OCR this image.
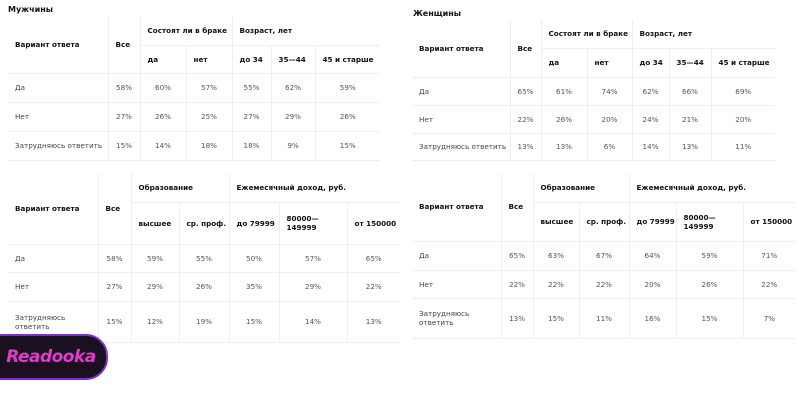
Мужчины	Женщины
Вариант ответа	Все	Состоят ли в браке		Возраст, лет		
		да	нет	до 34	35—44	45 и старше
Да	58%	60%	57%	55%	62%	59%
Нет	27%	26%	25%	27%	29%	26%
Затрудняюсь ответить	15%	14%	18%	18%	9%	15%
Вариант ответа	Все	Образование		Ежемесячный доход, руб.		
		высшее	ср. проф.	до 79999	80000— 149999	от 150000
Да	58%	59%	55%	50%	57%	65%
Нет	27%	29%	26%	35%	29%	22%
Затрудняюсь ответить	15%	12%	19%	15%	14%	13%
Вариант ответа	Все	Состоят ли в браке		Возраст, лет		
		да	нет	до 34	35—44	45 и старше
Да	65%	61%	74%	62%	66%	69%
Нет	22%	26%	20%	24%	21%	20%
Затрудняюсь ответить	13%	13%	6%	14%	13%	11%
Вариант ответа	Все	Образование		Ежемесячный доход, руб.		
		высшее	ср. проф.	до 79999	80000— 149999	от 150000
Да	65%	63%	67%	64%	59%	71%
Нет	22%	22%	22%	20%	26%	22%
Затрудняюсь ответить	13%	15%	11%	16%	15%	7%
Readooka
